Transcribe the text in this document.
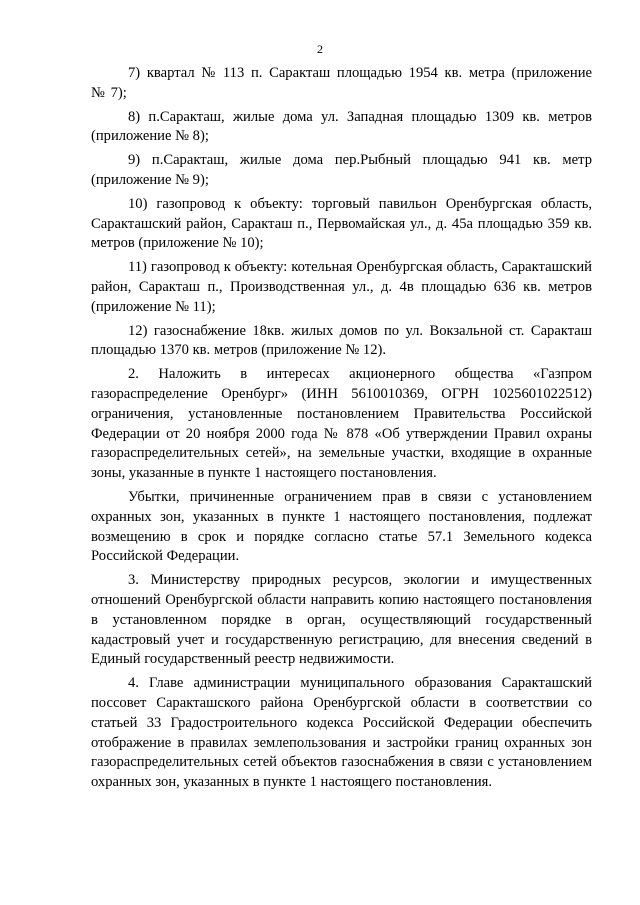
2

7) квартал № 113 п. Саракташ площадью 1954 кв. метра (приложение № 7);

8) п.Саракташ, жилые дома ул. Западная площадью 1309 кв. метров (приложение № 8);

9) п.Саракташ, жилые дома пер.Рыбный площадью 941 кв. метр (приложение № 9);

10) газопровод к объекту: торговый павильон Оренбургская область, Саракташский район, Саракташ п., Первомайская ул., д. 45а площадью 359 кв. метров (приложение № 10);

11) газопровод к объекту: котельная Оренбургская область, Саракташский район, Саракташ п., Производственная ул., д. 4в площадью 636 кв. метров (приложение № 11);

12) газоснабжение 18кв. жилых домов по ул. Вокзальной ст. Саракташ площадью 1370 кв. метров (приложение № 12).

2. Наложить в интересах акционерного общества «Газпром газораспределение Оренбург» (ИНН 5610010369, ОГРН 1025601022512) ограничения, установленные постановлением Правительства Российской Федерации от 20 ноября 2000 года № 878 «Об утверждении Правил охраны газораспределительных сетей», на земельные участки, входящие в охранные зоны, указанные в пункте 1 настоящего постановления.

Убытки, причиненные ограничением прав в связи с установлением охранных зон, указанных в пункте 1 настоящего постановления, подлежат возмещению в срок и порядке согласно статье 57.1 Земельного кодекса Российской Федерации.

3. Министерству природных ресурсов, экологии и имущественных отношений Оренбургской области направить копию настоящего постановления в установленном порядке в орган, осуществляющий государственный кадастровый учет и государственную регистрацию, для внесения сведений в Единый государственный реестр недвижимости.

4. Главе администрации муниципального образования Саракташский поссовет Саракташского района Оренбургской области в соответствии со статьей 33 Градостроительного кодекса Российской Федерации обеспечить отображение в правилах землепользования и застройки границ охранных зон газораспределительных сетей объектов газоснабжения в связи с установлением охранных зон, указанных в пункте 1 настоящего постановления.
